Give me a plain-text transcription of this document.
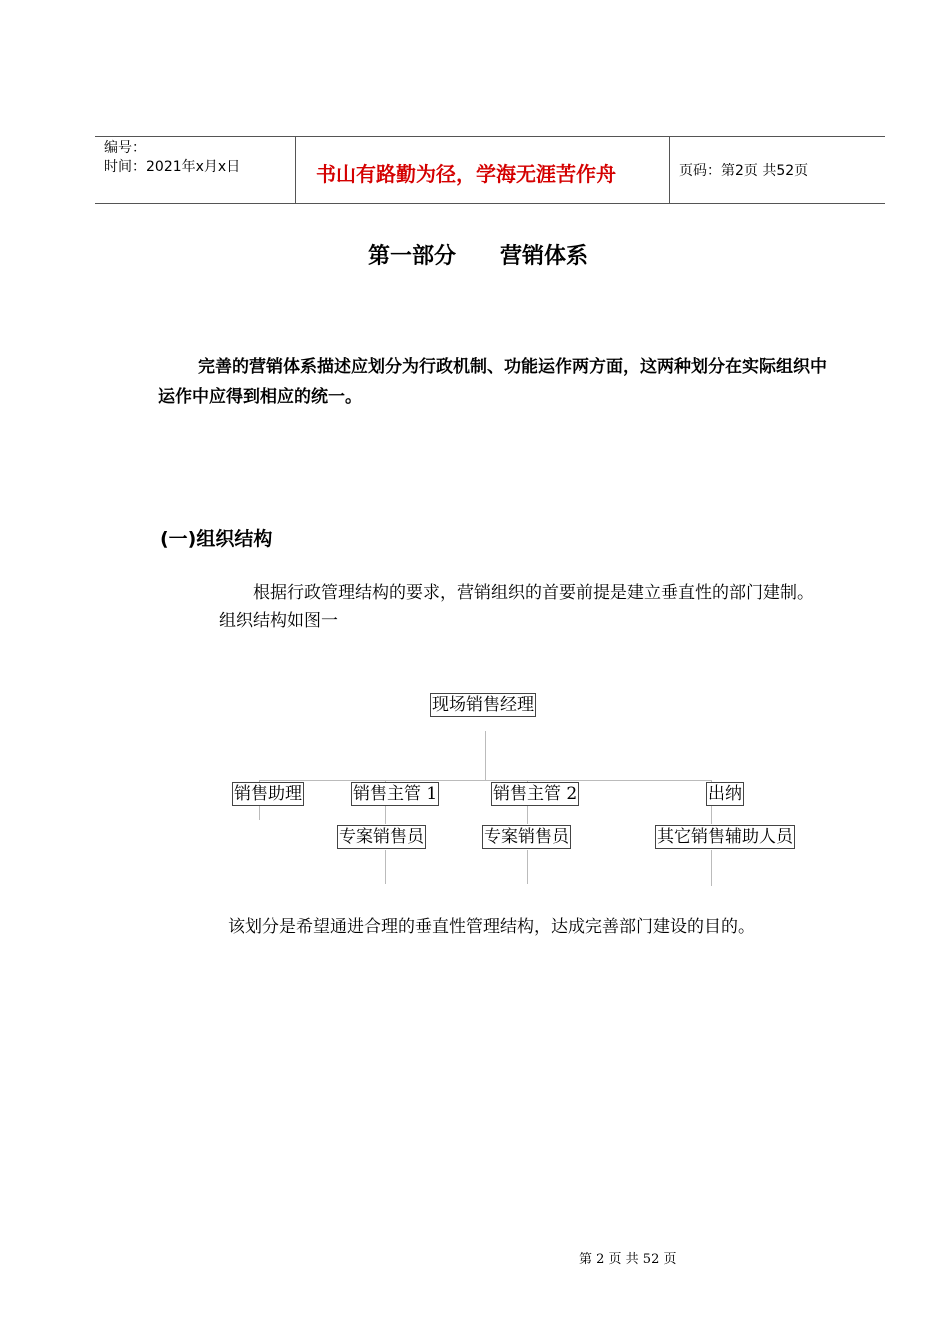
编号：
时间：2021年x月x日	书山有路勤为径，学海无涯苦作舟	页码：第2页 共52页
第一部分　　营销体系
完善的营销体系描述应划分为行政机制、功能运作两方面，这两种划分在实际组织中运作中应得到相应的统一。
(一)组织结构
根据行政管理结构的要求，营销组织的首要前提是建立垂直性的部门建制。组织结构如图一
现场销售经理
销售助理	销售主管 1	销售主管 2	出纳
专案销售员	专案销售员	其它销售辅助人员
该划分是希望通进合理的垂直性管理结构，达成完善部门建设的目的。
第 2 页 共 52 页
